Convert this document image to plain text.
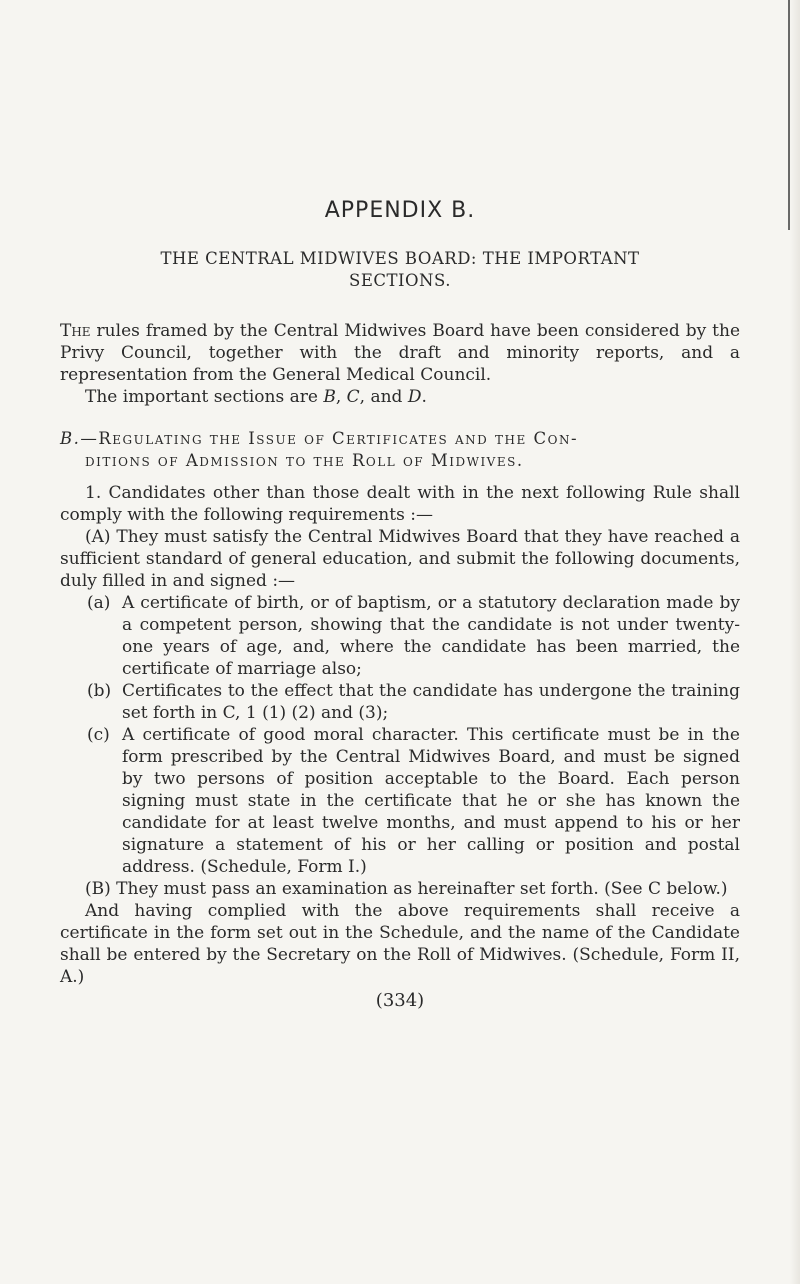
APPENDIX B.
THE CENTRAL MIDWIVES BOARD: THE IMPORTANT
SECTIONS.

The rules framed by the Central Midwives Board have been considered by the Privy Council, together with the draft and minority reports, and a representation from the General Medical Council.

The important sections are B, C, and D.

B.—Regulating the Issue of Certificates and the Con-
ditions of Admission to the Roll of Midwives.

1. Candidates other than those dealt with in the next following Rule shall comply with the following requirements :—

(A) They must satisfy the Central Midwives Board that they have reached a sufficient standard of general education, and submit the following documents, duly filled in and signed :—

(a) A certificate of birth, or of baptism, or a statutory declaration made by a competent person, showing that the candidate is not under twenty-one years of age, and, where the candidate has been married, the certificate of marriage also;
(b) Certificates to the effect that the candidate has undergone the training set forth in C, 1 (1) (2) and (3);
(c) A certificate of good moral character. This certificate must be in the form prescribed by the Central Midwives Board, and must be signed by two persons of position acceptable to the Board. Each person signing must state in the certificate that he or she has known the candidate for at least twelve months, and must append to his or her signature a statement of his or her calling or position and postal address. (Schedule, Form I.)

(B) They must pass an examination as hereinafter set forth. (See C below.)

And having complied with the above requirements shall receive a certificate in the form set out in the Schedule, and the name of the Candidate shall be entered by the Secretary on the Roll of Midwives. (Schedule, Form II, A.)

(334)
